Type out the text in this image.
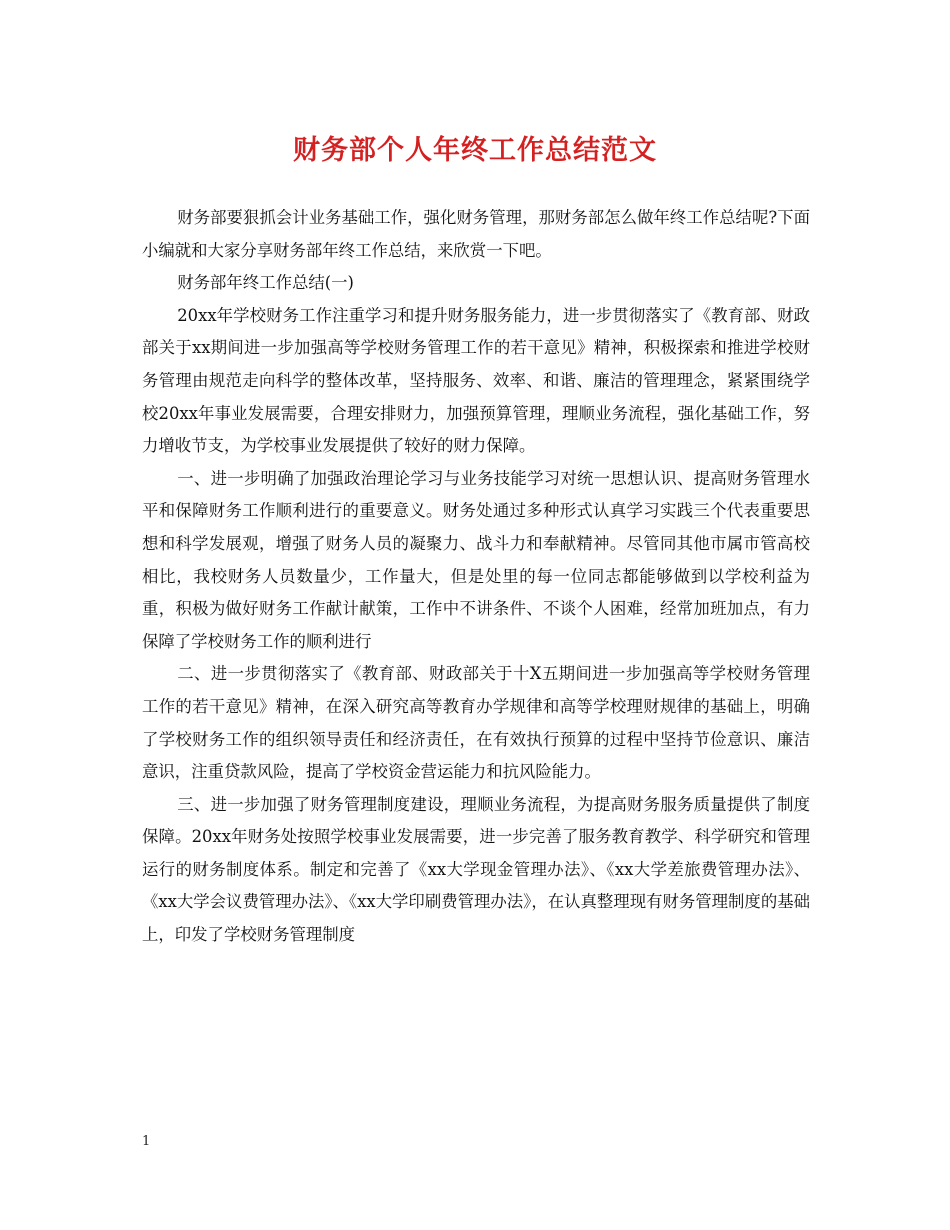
财务部个人年终工作总结范文

财务部要狠抓会计业务基础工作，强化财务管理，那财务部怎么做年终工作总结呢?下面小编就和大家分享财务部年终工作总结，来欣赏一下吧。

财务部年终工作总结(一)

20xx年学校财务工作注重学习和提升财务服务能力，进一步贯彻落实了《教育部、财政部关于xx期间进一步加强高等学校财务管理工作的若干意见》精神，积极探索和推进学校财务管理由规范走向科学的整体改革，坚持服务、效率、和谐、廉洁的管理理念，紧紧围绕学校20xx年事业发展需要，合理安排财力，加强预算管理，理顺业务流程，强化基础工作，努力增收节支，为学校事业发展提供了较好的财力保障。

一、进一步明确了加强政治理论学习与业务技能学习对统一思想认识、提高财务管理水平和保障财务工作顺利进行的重要意义。财务处通过多种形式认真学习实践三个代表重要思想和科学发展观，增强了财务人员的凝聚力、战斗力和奉献精神。尽管同其他市属市管高校相比，我校财务人员数量少，工作量大，但是处里的每一位同志都能够做到以学校利益为重，积极为做好财务工作献计献策，工作中不讲条件、不谈个人困难，经常加班加点，有力保障了学校财务工作的顺利进行

二、进一步贯彻落实了《教育部、财政部关于十X五期间进一步加强高等学校财务管理工作的若干意见》精神，在深入研究高等教育办学规律和高等学校理财规律的基础上，明确了学校财务工作的组织领导责任和经济责任，在有效执行预算的过程中坚持节俭意识、廉洁意识，注重贷款风险，提高了学校资金营运能力和抗风险能力。

三、进一步加强了财务管理制度建设，理顺业务流程，为提高财务服务质量提供了制度保障。20xx年财务处按照学校事业发展需要，进一步完善了服务教育教学、科学研究和管理运行的财务制度体系。制定和完善了《xx大学现金管理办法》、《xx大学差旅费管理办法》、《xx大学会议费管理办法》、《xx大学印刷费管理办法》，在认真整理现有财务管理制度的基础上，印发了学校财务管理制度

1
